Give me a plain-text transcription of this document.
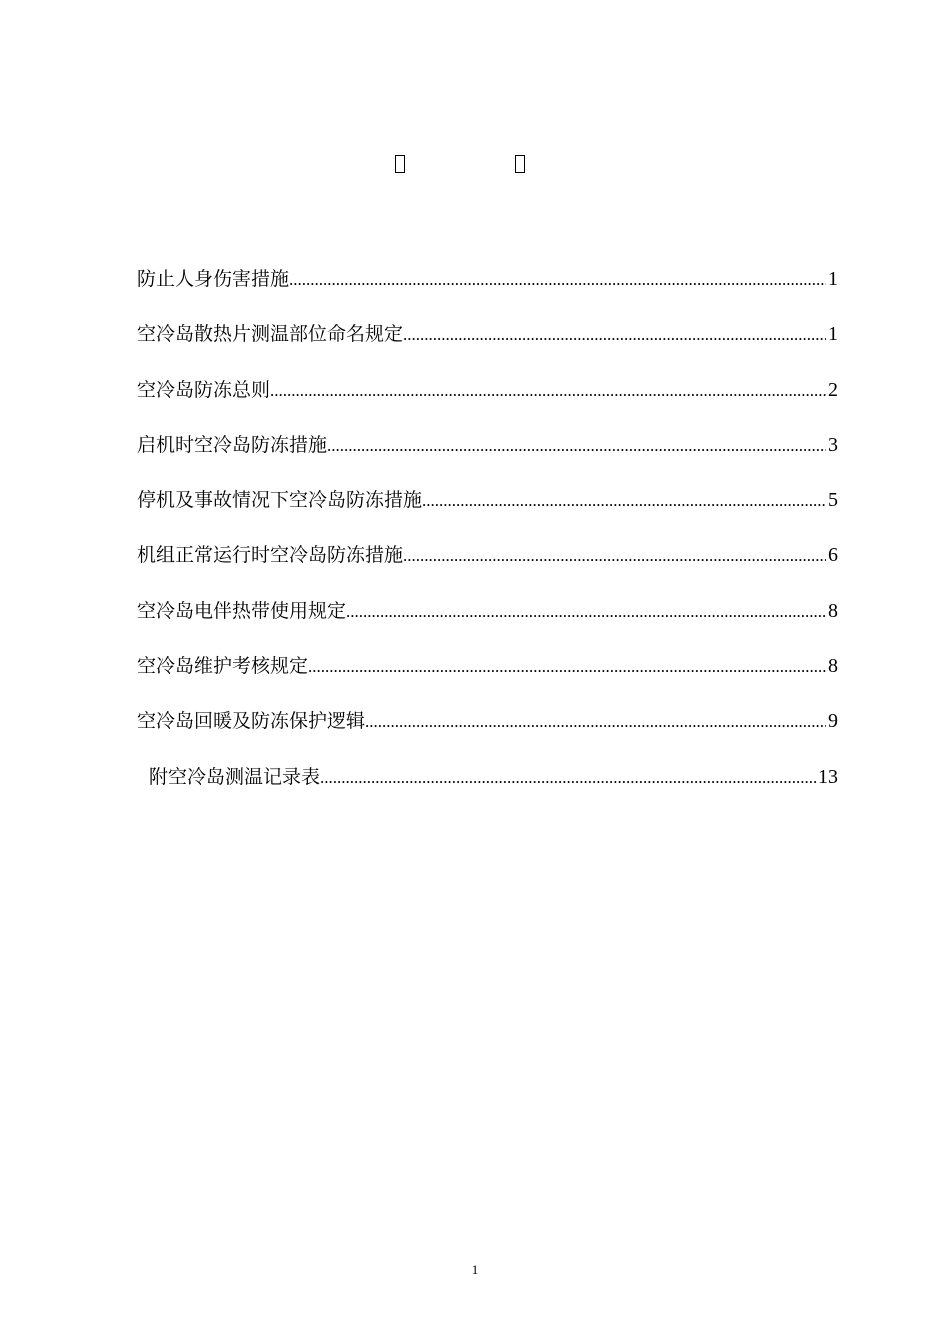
防止人身伤害措施 .....	1
空冷岛散热片测温部位命名规定 .....	1
空冷岛防冻总则 .....	2
启机时空冷岛防冻措施 .....	3
停机及事故情况下空冷岛防冻措施 .....	5
机组正常运行时空冷岛防冻措施 .....	6
空冷岛电伴热带使用规定 .....	8
空冷岛维护考核规定 .....	8
空冷岛回暖及防冻保护逻辑 .....	9
附空冷岛测温记录表 .....	13
1
